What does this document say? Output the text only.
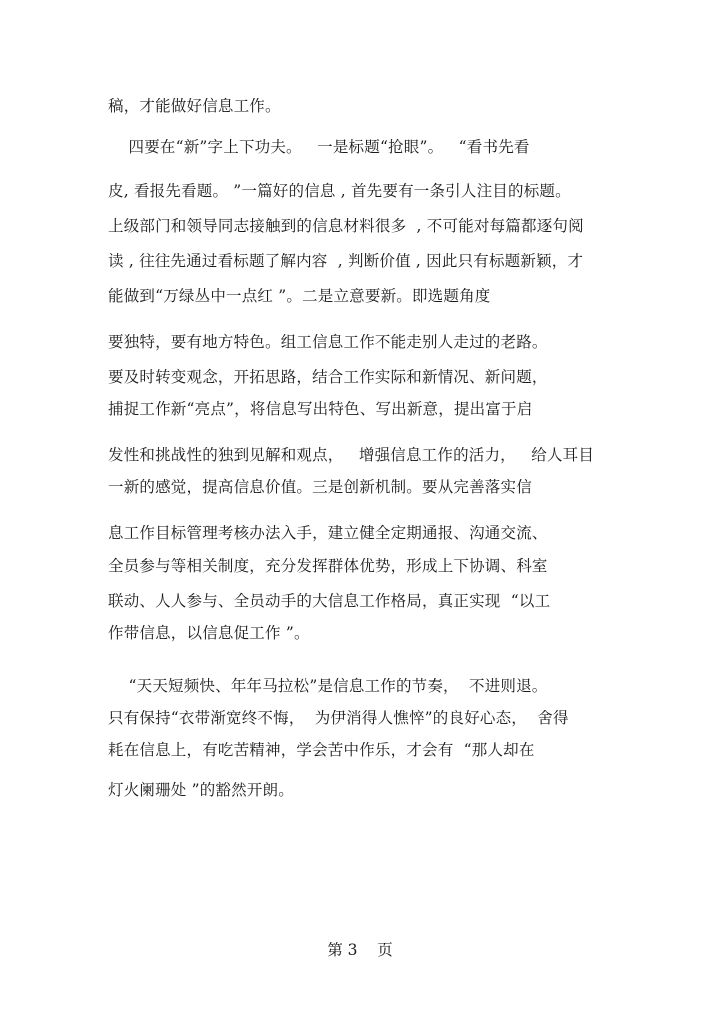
稿，才能做好信息工作。
四要在“新”字上下功夫。   一是标题“抢眼”。   “看书先看
皮, 看报先看题。 ”一篇好的信息 , 首先要有一条引人注目的标题。
上级部门和领导同志接触到的信息材料很多  , 不可能对每篇都逐句阅
读 , 往往先通过看标题了解内容  , 判断价值 , 因此只有标题新颖，才
能做到“万绿丛中一点红 ”。二是立意要新。即选题角度
要独特，要有地方特色。组工信息工作不能走别人走过的老路。
要及时转变观念，开拓思路，结合工作实际和新情况、新问题，
捕捉工作新“亮点”，将信息写出特色、写出新意，提出富于启
发性和挑战性的独到见解和观点，   增强信息工作的活力，   给人耳目
一新的感觉，提高信息价值。三是创新机制。要从完善落实信
息工作目标管理考核办法入手，建立健全定期通报、沟通交流、
全员参与等相关制度，充分发挥群体优势，形成上下协调、科室
联动、人人参与、全员动手的大信息工作格局，真正实现  “以工
作带信息，以信息促工作 ”。
“天天短频快、年年马拉松”是信息工作的节奏，  不进则退。
只有保持“衣带渐宽终不悔，  为伊消得人憔悴”的良好心态，  舍得
耗在信息上，有吃苦精神，学会苦中作乐，才会有  “那人却在
灯火阑珊处 ”的豁然开朗。
第 3    页
